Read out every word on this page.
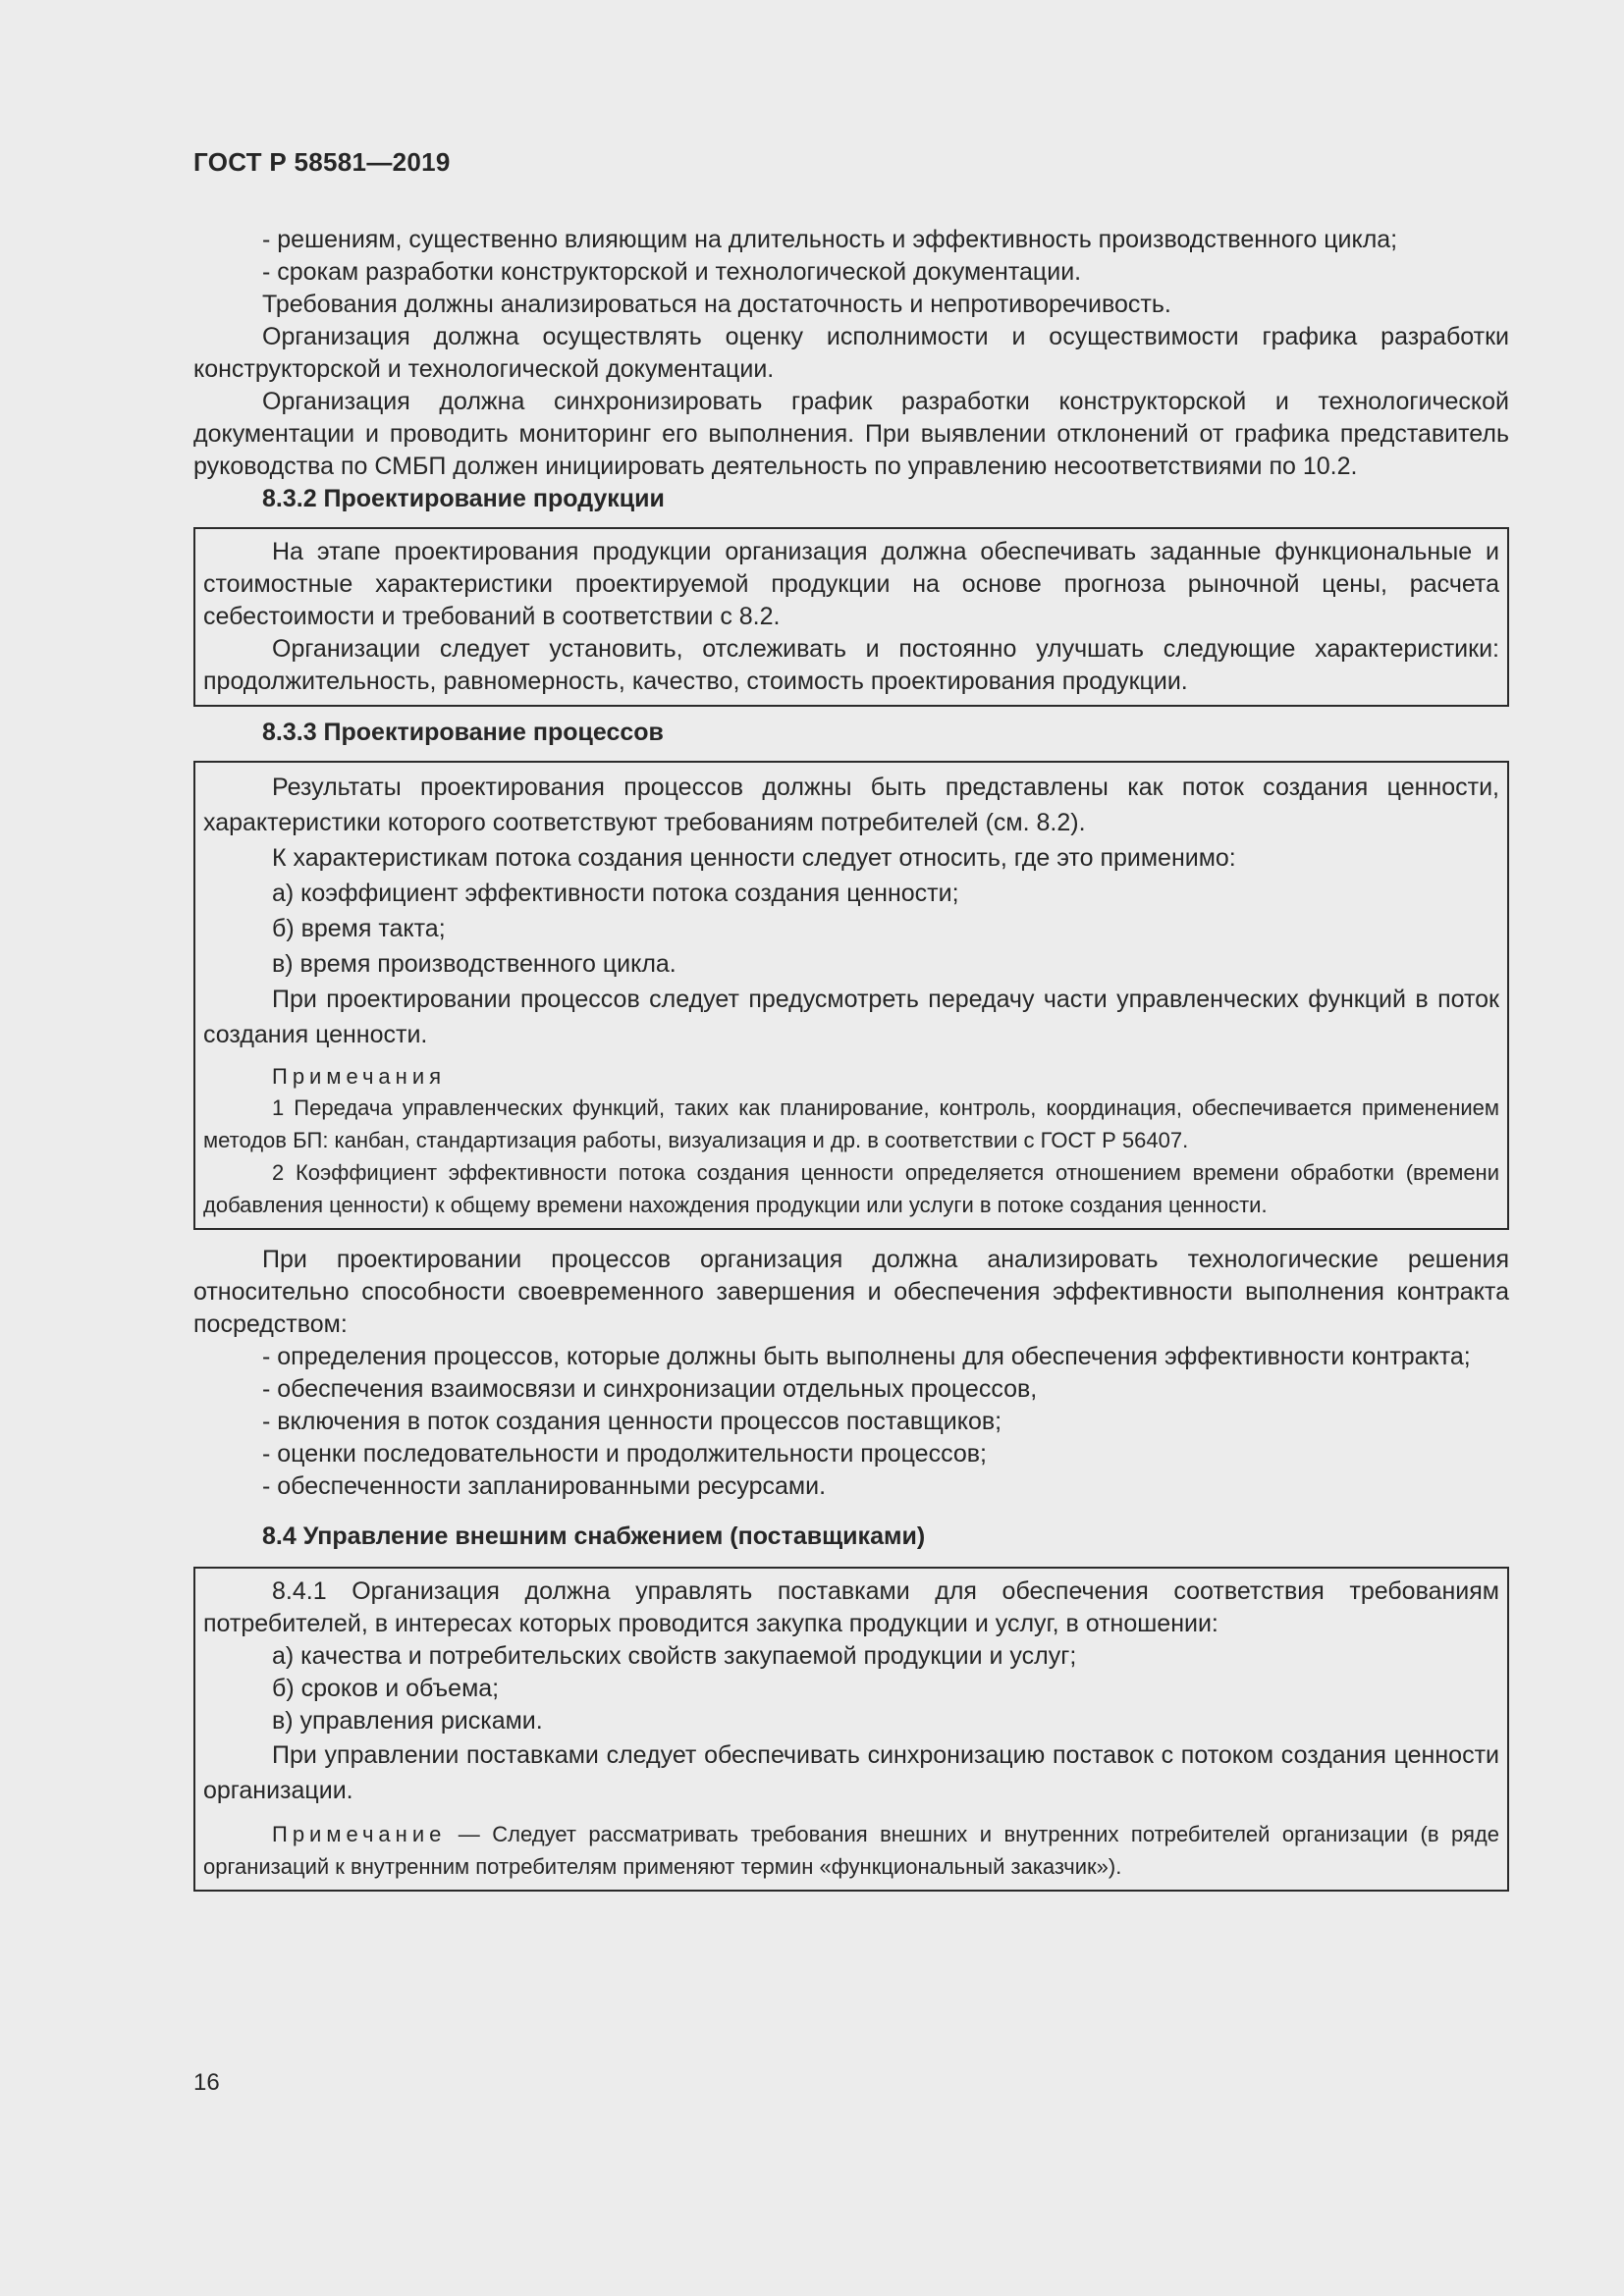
ГОСТ Р 58581—2019

- решениям, существенно влияющим на длительность и эффективность производственного цикла;

- срокам разработки конструкторской и технологической документации.

Требования должны анализироваться на достаточность и непротиворечивость.

Организация должна осуществлять оценку исполнимости и осуществимости графика разработки конструкторской и технологической документации.

Организация должна синхронизировать график разработки конструкторской и технологической документации и проводить мониторинг его выполнения. При выявлении отклонений от графика представитель руководства по СМБП должен инициировать деятельность по управлению несоответствиями по 10.2.

8.3.2 Проектирование продукции

На этапе проектирования продукции организация должна обеспечивать заданные функциональные и стоимостные характеристики проектируемой продукции на основе прогноза рыночной цены, расчета себестоимости и требований в соответствии с 8.2.

Организации следует установить, отслеживать и постоянно улучшать следующие характеристики: продолжительность, равномерность, качество, стоимость проектирования продукции.

8.3.3 Проектирование процессов

Результаты проектирования процессов должны быть представлены как поток создания ценности, характеристики которого соответствуют требованиям потребителей (см. 8.2).

К характеристикам потока создания ценности следует относить, где это применимо:

а) коэффициент эффективности потока создания ценности;

б) время такта;

в) время производственного цикла.

При проектировании процессов следует предусмотреть передачу части управленческих функций в поток создания ценности.

Примечания

1 Передача управленческих функций, таких как планирование, контроль, координация, обеспечивается применением методов БП: канбан, стандартизация работы, визуализация и др. в соответствии с ГОСТ Р 56407.

2 Коэффициент эффективности потока создания ценности определяется отношением времени обработки (времени добавления ценности) к общему времени нахождения продукции или услуги в потоке создания ценности.

При проектировании процессов организация должна анализировать технологические решения относительно способности своевременного завершения и обеспечения эффективности выполнения контракта посредством:

- определения процессов, которые должны быть выполнены для обеспечения эффективности контракта;

- обеспечения взаимосвязи и синхронизации отдельных процессов,

- включения в поток создания ценности процессов поставщиков;

- оценки последовательности и продолжительности процессов;

- обеспеченности запланированными ресурсами.

8.4 Управление внешним снабжением (поставщиками)

8.4.1 Организация должна управлять поставками для обеспечения соответствия требованиям потребителей, в интересах которых проводится закупка продукции и услуг, в отношении:

а) качества и потребительских свойств закупаемой продукции и услуг;

б) сроков и объема;

в) управления рисками.

При управлении поставками следует обеспечивать синхронизацию поставок с потоком создания ценности организации.

Примечание — Следует рассматривать требования внешних и внутренних потребителей организации (в ряде организаций к внутренним потребителям применяют термин «функциональный заказчик»).

16
